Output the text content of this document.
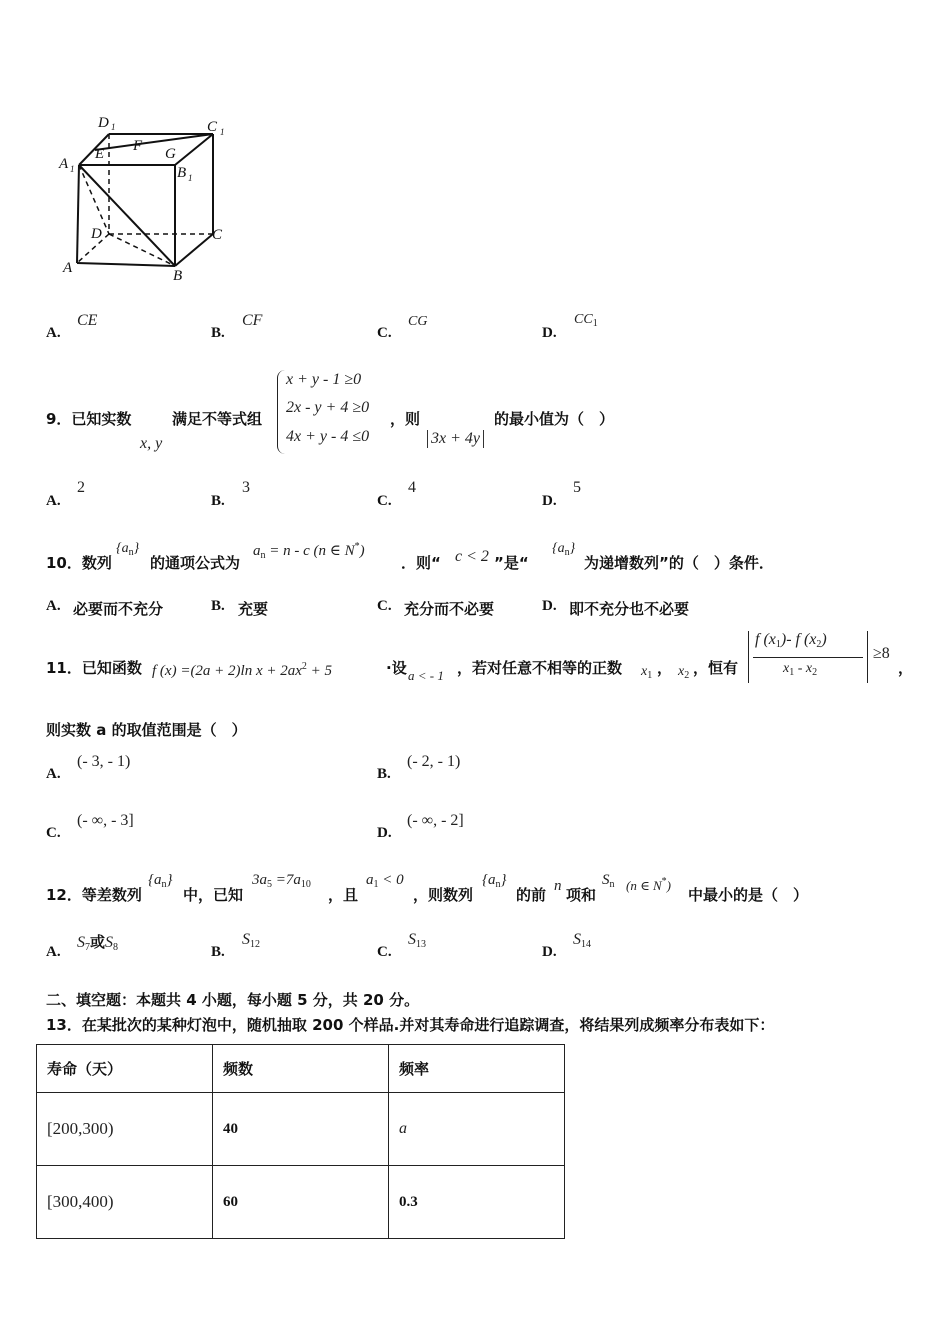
D 1	C 1
A 1
E F G
B 1
D	C
A	B
A.
CE
B.
CF
C.
CG
D.
$CC_1$
9．已知实数
x, y
满足不等式组
x + y - 1 ≥0
2x - y + 4 ≥0
4x + y - 4 ≤0
，则
3x + 4y
的最小值为（　）
A.
2
B.
3
C.
4
D.
5
10．数列
$\{a_n\}$
的通项公式为
$a_n = n - c$ (n ∈ N*)
．则“ c < 2 ”是“
$\{a_n\}$
为递增数列”的（　）条件．
A. 必要而不充分	B. 充要	C. 充分而不必要	D. 即不充分也不必要
11．已知函数 f (x) =(2a + 2)ln $x + 2ax^2 + 5$	·设 a < - 1 ，若对任意不相等的正数 $x_1$ ， $x_2$ ，恒有
f $(x_1)-$ f $(x_2)$
$x_1 - x_2$
≥8
，
则实数 a 的取值范围是（　）
A.
(- 3, - 1)
B.
(- 2, - 1)
C.
(- ∞, - 3]
D.
(- ∞, - 2]
12．等差数列
$\{a_n\}$
中，已知
$3a_5 =7a_{10}$
，且
$a_1 < 0$
，则数列
$\{a_n\}$
的前 n 项和
$S_n$ (n ∈ N*)
中最小的是（　）
A.
$S_7$或$S_8$	B.
$S_{12}$	C.
$S_{13}$	D.
$S_{14}$
二、填空题：本题共 4 小题，每小题 5 分，共 20 分。
13．在某批次的某种灯泡中，随机抽取 200 个样品.并对其寿命进行追踪调查，将结果列成频率分布表如下：
寿命（天）	频数	频率
[200,300)	40	a
[300,400)	60	0.3
